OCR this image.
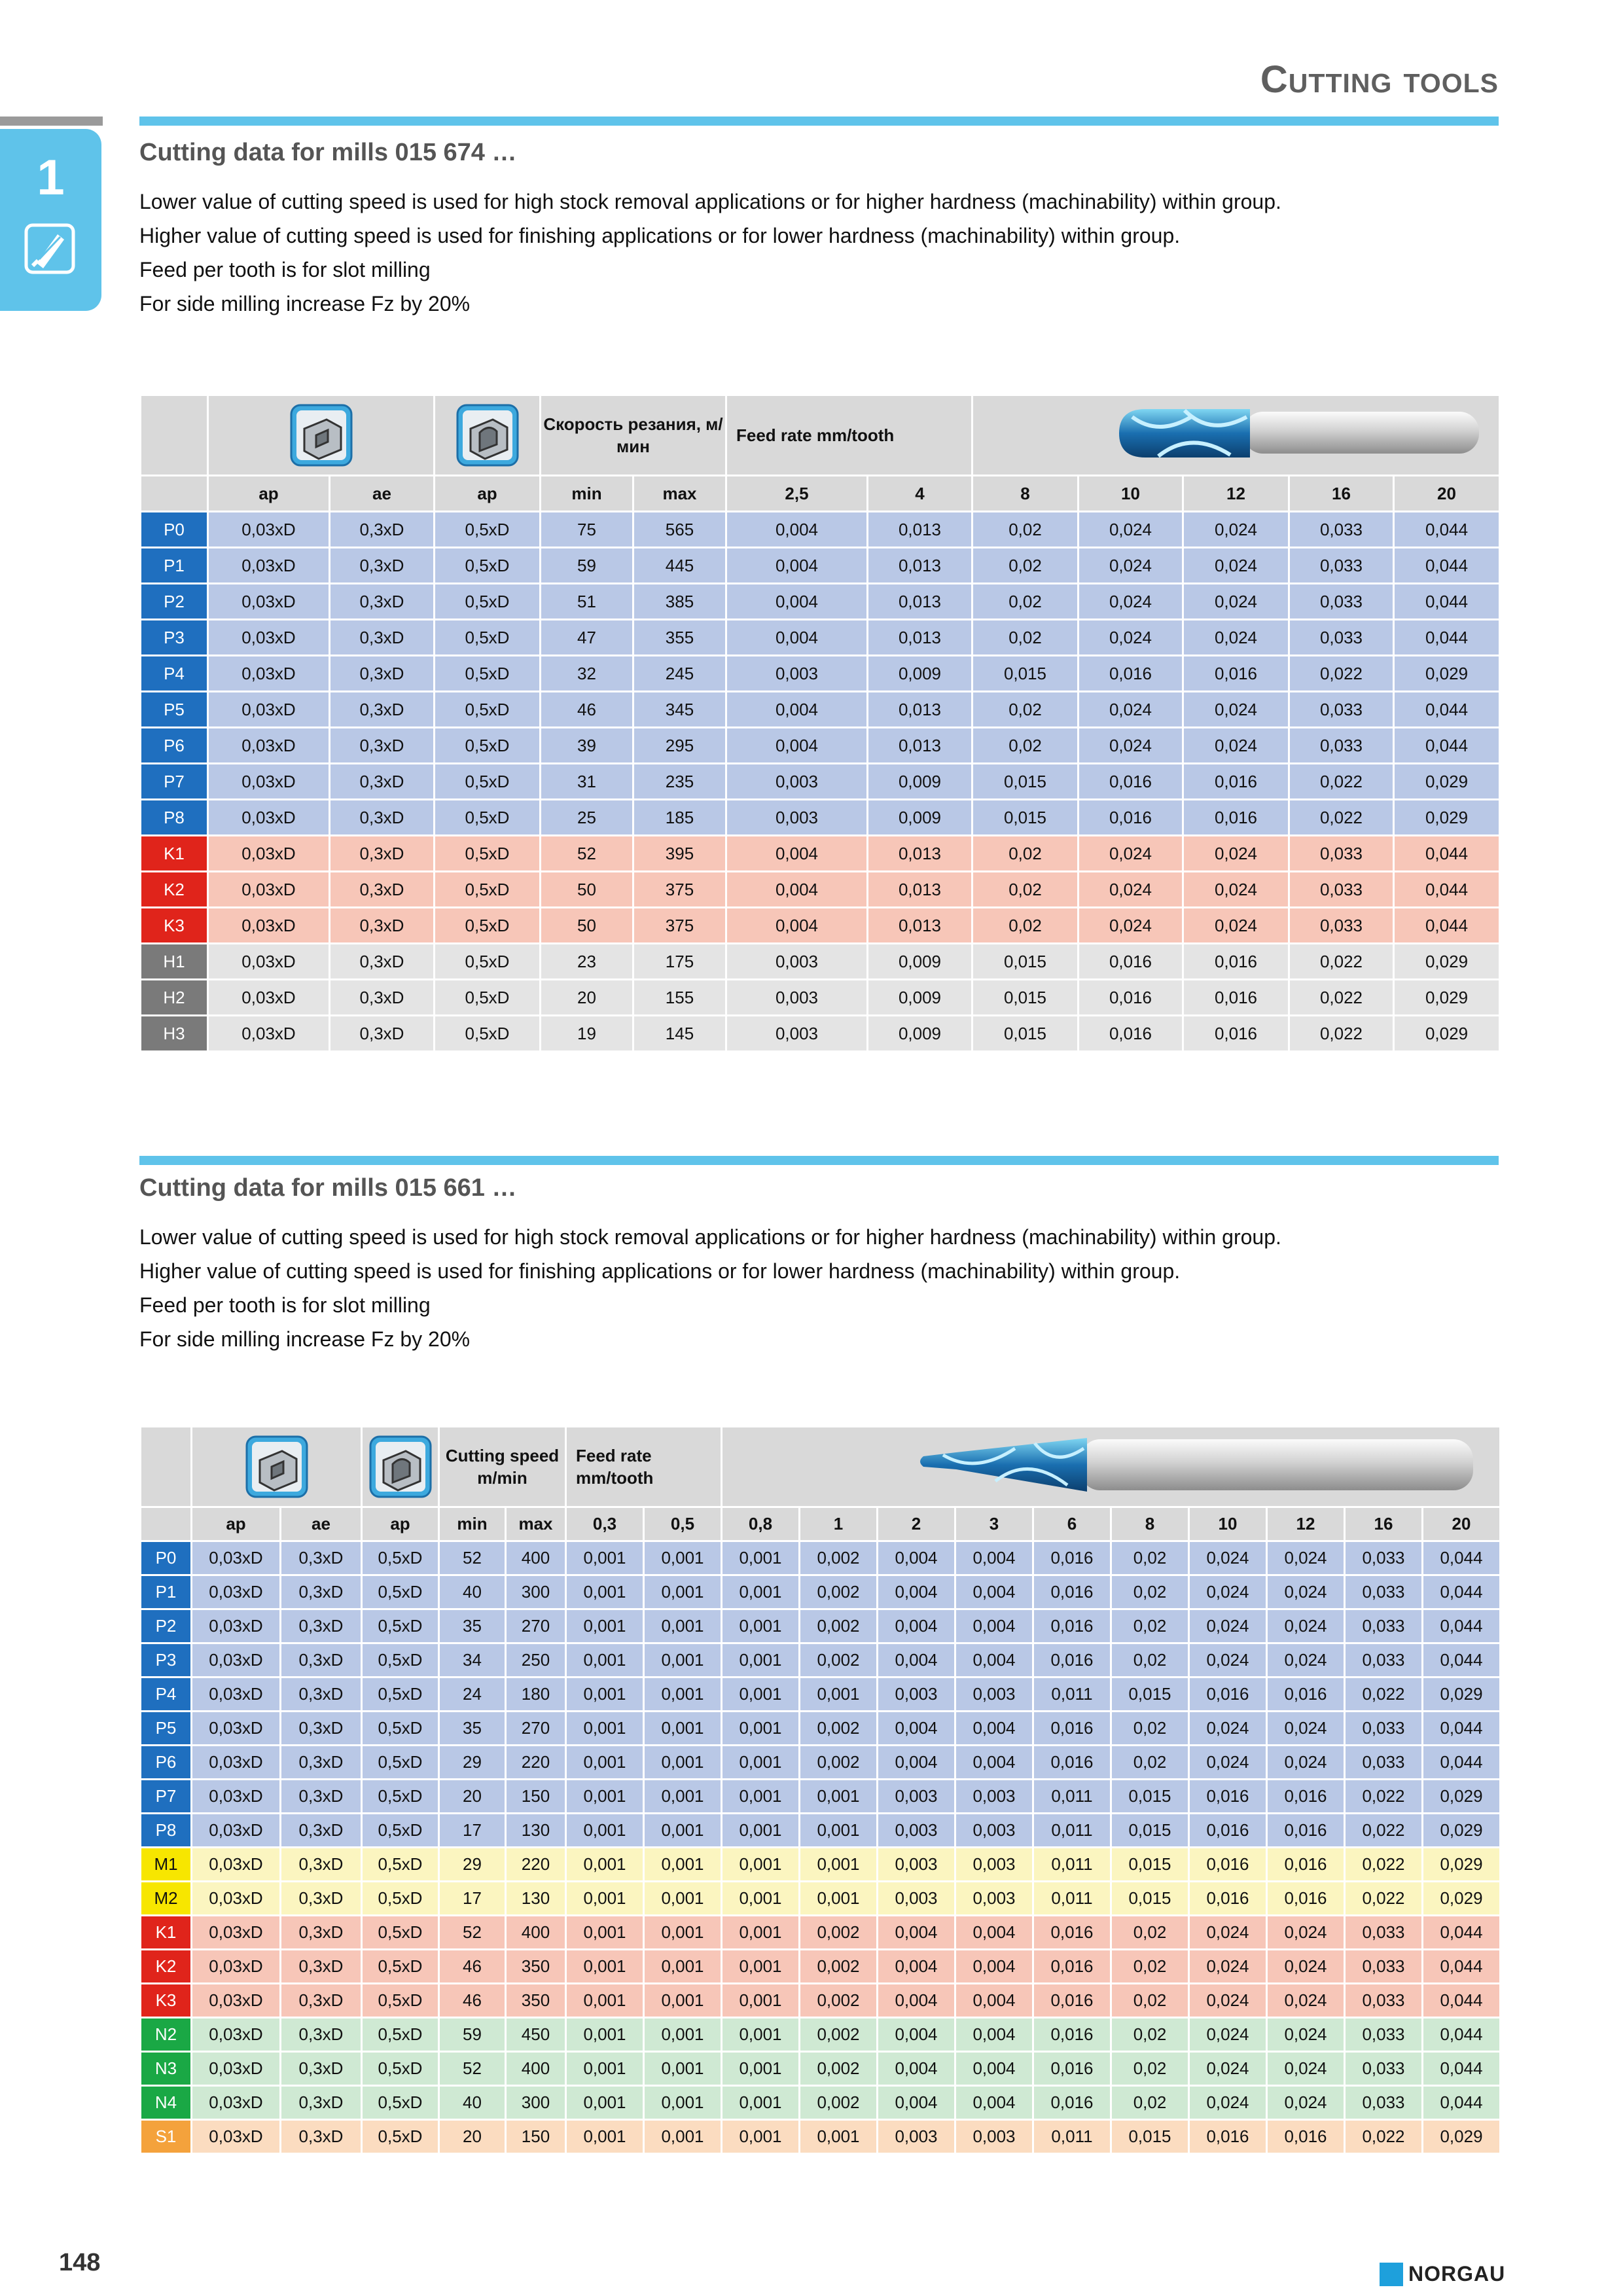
Cutting tools
1	Cutting data for mills 015 674 …
Lower value of cutting speed is used for high stock removal applications or for higher hardness (machinability) within group.
Higher value of cutting speed is used for finishing applications or for lower hardness (machinability) within group.
Feed per tooth is for slot milling
For side milling increase Fz by 20%

Скорость резания, м/мин		Feed rate mm/tooth

	ap	ae	ap	min	max	2,5	4	8	10	12	16	20
P0	0,03xD	0,3xD	0,5xD	75	565	0,004	0,013	0,02	0,024	0,024	0,033	0,044
P1	0,03xD	0,3xD	0,5xD	59	445	0,004	0,013	0,02	0,024	0,024	0,033	0,044
P2	0,03xD	0,3xD	0,5xD	51	385	0,004	0,013	0,02	0,024	0,024	0,033	0,044
P3	0,03xD	0,3xD	0,5xD	47	355	0,004	0,013	0,02	0,024	0,024	0,033	0,044
P4	0,03xD	0,3xD	0,5xD	32	245	0,003	0,009	0,015	0,016	0,016	0,022	0,029
P5	0,03xD	0,3xD	0,5xD	46	345	0,004	0,013	0,02	0,024	0,024	0,033	0,044
P6	0,03xD	0,3xD	0,5xD	39	295	0,004	0,013	0,02	0,024	0,024	0,033	0,044
P7	0,03xD	0,3xD	0,5xD	31	235	0,003	0,009	0,015	0,016	0,016	0,022	0,029
P8	0,03xD	0,3xD	0,5xD	25	185	0,003	0,009	0,015	0,016	0,016	0,022	0,029
K1	0,03xD	0,3xD	0,5xD	52	395	0,004	0,013	0,02	0,024	0,024	0,033	0,044
K2	0,03xD	0,3xD	0,5xD	50	375	0,004	0,013	0,02	0,024	0,024	0,033	0,044
K3	0,03xD	0,3xD	0,5xD	50	375	0,004	0,013	0,02	0,024	0,024	0,033	0,044
H1	0,03xD	0,3xD	0,5xD	23	175	0,003	0,009	0,015	0,016	0,016	0,022	0,029
H2	0,03xD	0,3xD	0,5xD	20	155	0,003	0,009	0,015	0,016	0,016	0,022	0,029
H3	0,03xD	0,3xD	0,5xD	19	145	0,003	0,009	0,015	0,016	0,016	0,022	0,029
Cutting data for mills 015 661 …
Lower value of cutting speed is used for high stock removal applications or for higher hardness (machinability) within group.
Higher value of cutting speed is used for finishing applications or for lower hardness (machinability) within group.
Feed per tooth is for slot milling
For side milling increase Fz by 20%

Cutting speed m/min		Feed rate mm/tooth

	ap	ae	ap	min	max	0,3	0,5	0,8	1	2	3	6	8	10	12	16	20
P0	0,03xD	0,3xD	0,5xD	52	400	0,001	0,001	0,001	0,002	0,004	0,004	0,016	0,02	0,024	0,024	0,033	0,044
P1	0,03xD	0,3xD	0,5xD	40	300	0,001	0,001	0,001	0,002	0,004	0,004	0,016	0,02	0,024	0,024	0,033	0,044
P2	0,03xD	0,3xD	0,5xD	35	270	0,001	0,001	0,001	0,002	0,004	0,004	0,016	0,02	0,024	0,024	0,033	0,044
P3	0,03xD	0,3xD	0,5xD	34	250	0,001	0,001	0,001	0,002	0,004	0,004	0,016	0,02	0,024	0,024	0,033	0,044
P4	0,03xD	0,3xD	0,5xD	24	180	0,001	0,001	0,001	0,001	0,003	0,003	0,011	0,015	0,016	0,016	0,022	0,029
P5	0,03xD	0,3xD	0,5xD	35	270	0,001	0,001	0,001	0,002	0,004	0,004	0,016	0,02	0,024	0,024	0,033	0,044
P6	0,03xD	0,3xD	0,5xD	29	220	0,001	0,001	0,001	0,002	0,004	0,004	0,016	0,02	0,024	0,024	0,033	0,044
P7	0,03xD	0,3xD	0,5xD	20	150	0,001	0,001	0,001	0,001	0,003	0,003	0,011	0,015	0,016	0,016	0,022	0,029
P8	0,03xD	0,3xD	0,5xD	17	130	0,001	0,001	0,001	0,001	0,003	0,003	0,011	0,015	0,016	0,016	0,022	0,029
M1	0,03xD	0,3xD	0,5xD	29	220	0,001	0,001	0,001	0,001	0,003	0,003	0,011	0,015	0,016	0,016	0,022	0,029
M2	0,03xD	0,3xD	0,5xD	17	130	0,001	0,001	0,001	0,001	0,003	0,003	0,011	0,015	0,016	0,016	0,022	0,029
K1	0,03xD	0,3xD	0,5xD	52	400	0,001	0,001	0,001	0,002	0,004	0,004	0,016	0,02	0,024	0,024	0,033	0,044
K2	0,03xD	0,3xD	0,5xD	46	350	0,001	0,001	0,001	0,002	0,004	0,004	0,016	0,02	0,024	0,024	0,033	0,044
K3	0,03xD	0,3xD	0,5xD	46	350	0,001	0,001	0,001	0,002	0,004	0,004	0,016	0,02	0,024	0,024	0,033	0,044
N2	0,03xD	0,3xD	0,5xD	59	450	0,001	0,001	0,001	0,002	0,004	0,004	0,016	0,02	0,024	0,024	0,033	0,044
N3	0,03xD	0,3xD	0,5xD	52	400	0,001	0,001	0,001	0,002	0,004	0,004	0,016	0,02	0,024	0,024	0,033	0,044
N4	0,03xD	0,3xD	0,5xD	40	300	0,001	0,001	0,001	0,002	0,004	0,004	0,016	0,02	0,024	0,024	0,033	0,044
S1	0,03xD	0,3xD	0,5xD	20	150	0,001	0,001	0,001	0,001	0,003	0,003	0,011	0,015	0,016	0,016	0,022	0,029
148	NORGAU
